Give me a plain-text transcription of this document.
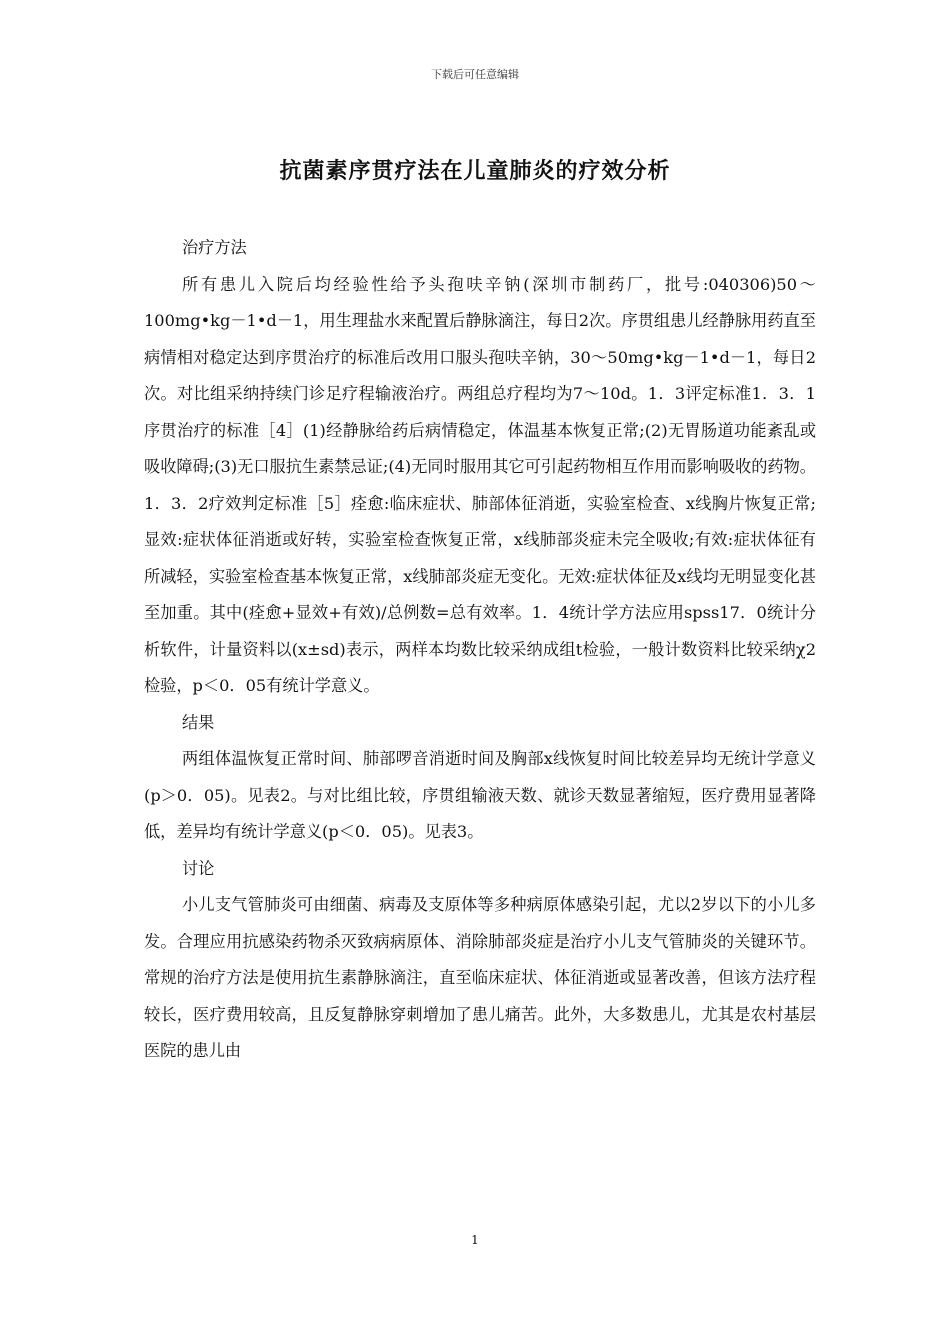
下载后可任意编辑
抗菌素序贯疗法在儿童肺炎的疗效分析

治疗方法

所有患儿入院后均经验性给予头孢呋辛钠(深圳市制药厂，批号:040306)50～100mg•kg－1•d－1，用生理盐水来配置后静脉滴注，每日2次。序贯组患儿经静脉用药直至病情相对稳定达到序贯治疗的标准后改用口服头孢呋辛钠，30～50mg•kg－1•d－1，每日2次。对比组采纳持续门诊足疗程输液治疗。两组总疗程均为7～10d。1．3评定标准1．3．1序贯治疗的标准［4］(1)经静脉给药后病情稳定，体温基本恢复正常;(2)无胃肠道功能紊乱或吸收障碍;(3)无口服抗生素禁忌证;(4)无同时服用其它可引起药物相互作用而影响吸收的药物。1．3．2疗效判定标准［5］痊愈:临床症状、肺部体征消逝，实验室检查、x线胸片恢复正常;显效:症状体征消逝或好转，实验室检查恢复正常，x线肺部炎症未完全吸收;有效:症状体征有所减轻，实验室检查基本恢复正常，x线肺部炎症无变化。无效:症状体征及x线均无明显变化甚至加重。其中(痊愈+显效+有效)/总例数=总有效率。1．4统计学方法应用spss17．0统计分析软件，计量资料以(x±sd)表示，两样本均数比较采纳成组t检验，一般计数资料比较采纳χ2检验，p＜0．05有统计学意义。

结果

两组体温恢复正常时间、肺部啰音消逝时间及胸部x线恢复时间比较差异均无统计学意义(p＞0．05)。见表2。与对比组比较，序贯组输液天数、就诊天数显著缩短，医疗费用显著降低，差异均有统计学意义(p＜0．05)。见表3。

讨论

小儿支气管肺炎可由细菌、病毒及支原体等多种病原体感染引起，尤以2岁以下的小儿多发。合理应用抗感染药物杀灭致病病原体、消除肺部炎症是治疗小儿支气管肺炎的关键环节。常规的治疗方法是使用抗生素静脉滴注，直至临床症状、体征消逝或显著改善，但该方法疗程较长，医疗费用较高，且反复静脉穿刺增加了患儿痛苦。此外，大多数患儿，尤其是农村基层医院的患儿由

1
